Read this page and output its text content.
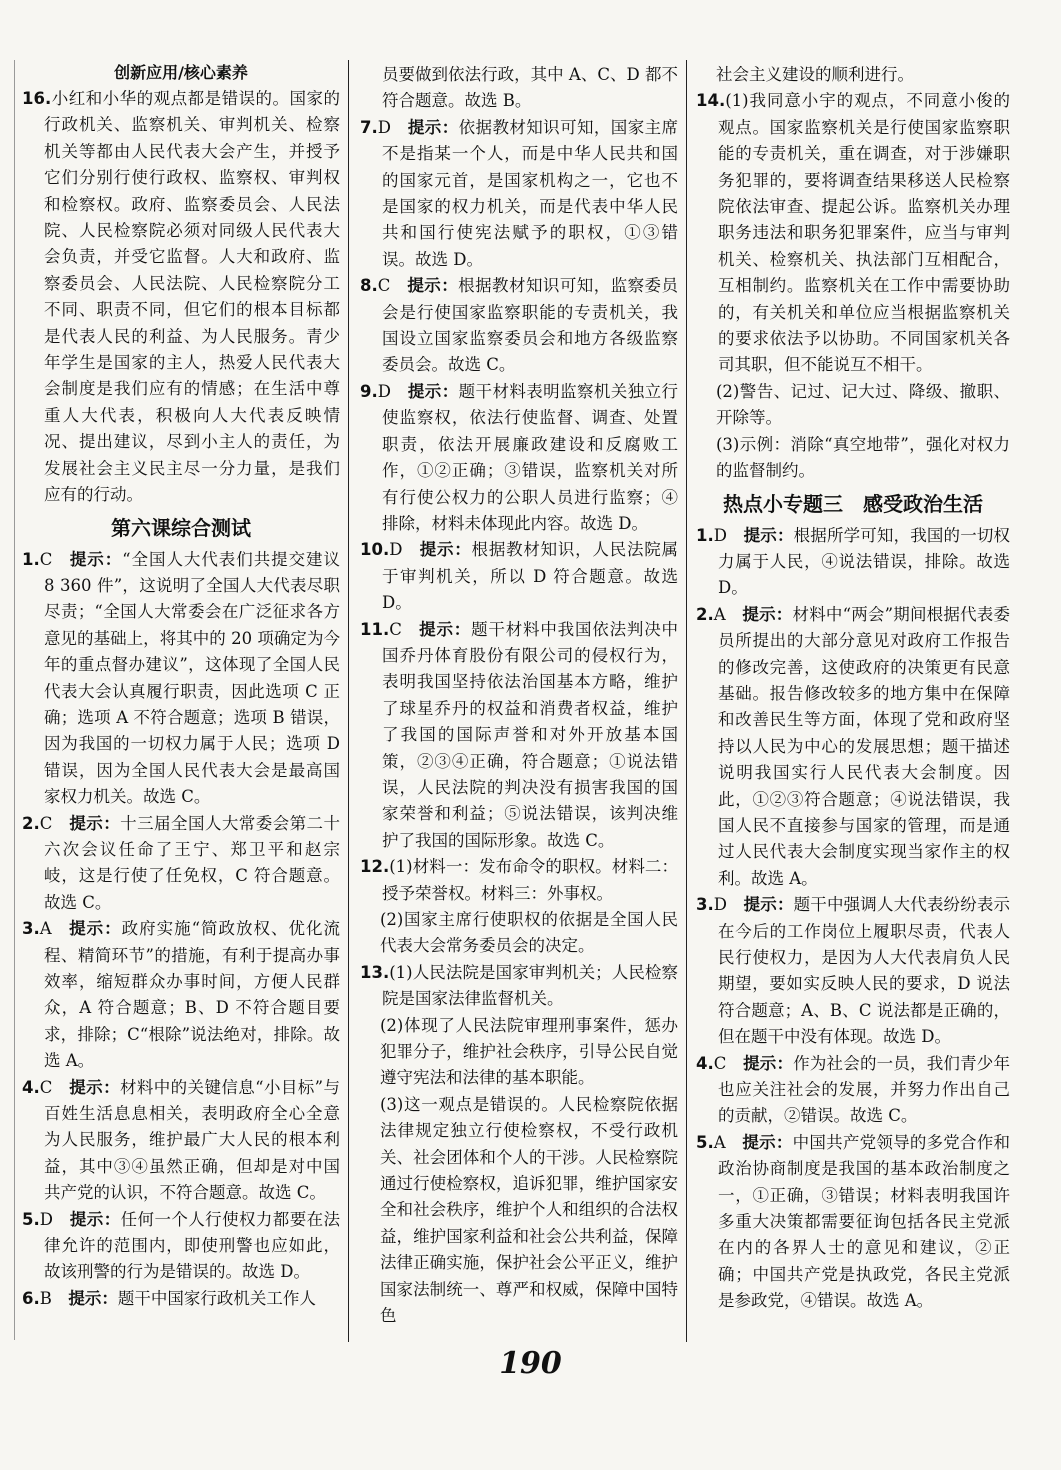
创新应用/核心素养

16.小红和小华的观点都是错误的。国家的行政机关、监察机关、审判机关、检察机关等都由人民代表大会产生，并授予它们分别行使行政权、监察权、审判权和检察权。政府、监察委员会、人民法院、人民检察院必须对同级人民代表大会负责，并受它监督。人大和政府、监察委员会、人民法院、人民检察院分工不同、职责不同，但它们的根本目标都是代表人民的利益、为人民服务。青少年学生是国家的主人，热爱人民代表大会制度是我们应有的情感；在生活中尊重人大代表，积极向人大代表反映情况、提出建议，尽到小主人的责任，为发展社会主义民主尽一分力量，是我们应有的行动。

第六课综合测试

1.C  提示：“全国人大代表们共提交建议 8 360 件”，这说明了全国人大代表尽职尽责；“全国人大常委会在广泛征求各方意见的基础上，将其中的 20 项确定为今年的重点督办建议”，这体现了全国人民代表大会认真履行职责，因此选项 C 正确；选项 A 不符合题意；选项 B 错误，因为我国的一切权力属于人民；选项 D 错误，因为全国人民代表大会是最高国家权力机关。故选 C。

2.C  提示：十三届全国人大常委会第二十六次会议任命了王宁、郑卫平和赵宗岐，这是行使了任免权，C 符合题意。故选 C。

3.A  提示：政府实施“简政放权、优化流程、精简环节”的措施，有利于提高办事效率，缩短群众办事时间，方便人民群众，A 符合题意；B、D 不符合题目要求，排除；C“根除”说法绝对，排除。故选 A。

4.C  提示：材料中的关键信息“小目标”与百姓生活息息相关，表明政府全心全意为人民服务，维护最广大人民的根本利益，其中③④虽然正确，但却是对中国共产党的认识，不符合题意。故选 C。

5.D  提示：任何一个人行使权力都要在法律允许的范围内，即使刑警也应如此，故该刑警的行为是错误的。故选 D。

6.B  提示：题干中国家行政机关工作人

员要做到依法行政，其中 A、C、D 都不符合题意。故选 B。

7.D  提示：依据教材知识可知，国家主席不是指某一个人，而是中华人民共和国的国家元首，是国家机构之一，它也不是国家的权力机关，而是代表中华人民共和国行使宪法赋予的职权，①③错误。故选 D。

8.C  提示：根据教材知识可知，监察委员会是行使国家监察职能的专责机关，我国设立国家监察委员会和地方各级监察委员会。故选 C。

9.D  提示：题干材料表明监察机关独立行使监察权，依法行使监督、调查、处置职责，依法开展廉政建设和反腐败工作，①②正确；③错误，监察机关对所有行使公权力的公职人员进行监察；④排除，材料未体现此内容。故选 D。

10.D  提示：根据教材知识，人民法院属于审判机关，所以 D 符合题意。故选 D。

11.C  提示：题干材料中我国依法判决中国乔丹体育股份有限公司的侵权行为，表明我国坚持依法治国基本方略，维护了球星乔丹的权益和消费者权益，维护了我国的国际声誉和对外开放基本国策，②③④正确，符合题意；①说法错误，人民法院的判决没有损害我国的国家荣誉和利益；⑤说法错误，该判决维护了我国的国际形象。故选 C。

12.(1)材料一：发布命令的职权。材料二：授予荣誉权。材料三：外事权。

(2)国家主席行使职权的依据是全国人民代表大会常务委员会的决定。

13.(1)人民法院是国家审判机关；人民检察院是国家法律监督机关。

(2)体现了人民法院审理刑事案件，惩办犯罪分子，维护社会秩序，引导公民自觉遵守宪法和法律的基本职能。

(3)这一观点是错误的。人民检察院依据法律规定独立行使检察权，不受行政机关、社会团体和个人的干涉。人民检察院通过行使检察权，追诉犯罪，维护国家安全和社会秩序，维护个人和组织的合法权益，维护国家利益和社会公共利益，保障法律正确实施，保护社会公平正义，维护国家法制统一、尊严和权威，保障中国特色

社会主义建设的顺利进行。

14.(1)我同意小宇的观点，不同意小俊的观点。国家监察机关是行使国家监察职能的专责机关，重在调查，对于涉嫌职务犯罪的，要将调查结果移送人民检察院依法审查、提起公诉。监察机关办理职务违法和职务犯罪案件，应当与审判机关、检察机关、执法部门互相配合，互相制约。监察机关在工作中需要协助的，有关机关和单位应当根据监察机关的要求依法予以协助。不同国家机关各司其职，但不能说互不相干。

(2)警告、记过、记大过、降级、撤职、开除等。

(3)示例：消除“真空地带”，强化对权力的监督制约。

热点小专题三　感受政治生活

1.D  提示：根据所学可知，我国的一切权力属于人民，④说法错误，排除。故选 D。

2.A  提示：材料中“两会”期间根据代表委员所提出的大部分意见对政府工作报告的修改完善，这使政府的决策更有民意基础。报告修改较多的地方集中在保障和改善民生等方面，体现了党和政府坚持以人民为中心的发展思想；题干描述说明我国实行人民代表大会制度。因此，①②③符合题意；④说法错误，我国人民不直接参与国家的管理，而是通过人民代表大会制度实现当家作主的权利。故选 A。

3.D  提示：题干中强调人大代表纷纷表示在今后的工作岗位上履职尽责，代表人民行使权力，是因为人大代表肩负人民期望，要如实反映人民的要求，D 说法符合题意；A、B、C 说法都是正确的，但在题干中没有体现。故选 D。

4.C  提示：作为社会的一员，我们青少年也应关注社会的发展，并努力作出自己的贡献，②错误。故选 C。

5.A  提示：中国共产党领导的多党合作和政治协商制度是我国的基本政治制度之一，①正确，③错误；材料表明我国许多重大决策都需要征询包括各民主党派在内的各界人士的意见和建议，②正确；中国共产党是执政党，各民主党派是参政党，④错误。故选 A。

190
